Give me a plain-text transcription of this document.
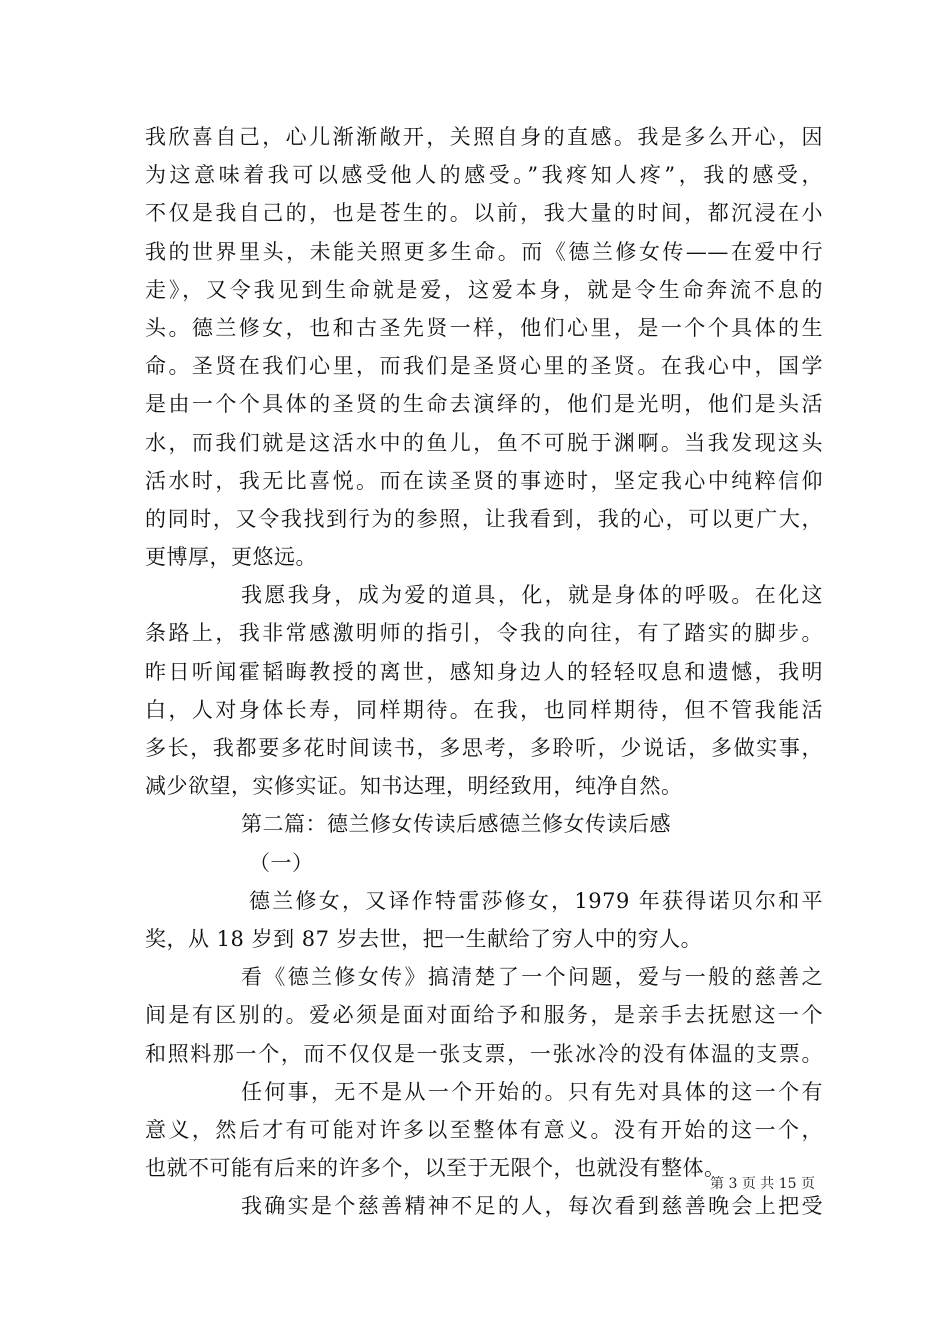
我欣喜自己，心儿渐渐敞开，关照自身的直感。我是多么开心，因
为这意味着我可以感受他人的感受。”我疼知人疼”，我的感受，
不仅是我自己的，也是苍生的。以前，我大量的时间，都沉浸在小
我的世界里头，未能关照更多生命。而《德兰修女传——在爱中行
走》，又令我见到生命就是爱，这爱本身，就是令生命奔流不息的
头。德兰修女，也和古圣先贤一样，他们心里，是一个个具体的生
命。圣贤在我们心里，而我们是圣贤心里的圣贤。在我心中，国学
是由一个个具体的圣贤的生命去演绎的，他们是光明，他们是头活
水，而我们就是这活水中的鱼儿，鱼不可脱于渊啊。当我发现这头
活水时，我无比喜悦。而在读圣贤的事迹时，坚定我心中纯粹信仰
的同时，又令我找到行为的参照，让我看到，我的心，可以更广大，
更博厚，更悠远。
我愿我身，成为爱的道具，化，就是身体的呼吸。在化这
条路上，我非常感激明师的指引，令我的向往，有了踏实的脚步。
昨日听闻霍韬晦教授的离世，感知身边人的轻轻叹息和遗憾，我明
白，人对身体长寿，同样期待。在我，也同样期待，但不管我能活
多长，我都要多花时间读书，多思考，多聆听，少说话，多做实事，
减少欲望，实修实证。知书达理，明经致用，纯净自然。
第二篇：德兰修女传读后感德兰修女传读后感
（一）
德兰修女，又译作特雷莎修女，1979 年获得诺贝尔和平
奖，从 18 岁到 87 岁去世，把一生献给了穷人中的穷人。
看《德兰修女传》搞清楚了一个问题，爱与一般的慈善之
间是有区别的。爱必须是面对面给予和服务，是亲手去抚慰这一个
和照料那一个，而不仅仅是一张支票，一张冰冷的没有体温的支票。
任何事，无不是从一个开始的。只有先对具体的这一个有
意义，然后才有可能对许多以至整体有意义。没有开始的这一个，
也就不可能有后来的许多个，以至于无限个，也就没有整体。
我确实是个慈善精神不足的人，每次看到慈善晚会上把受
第 3 页 共 15 页
